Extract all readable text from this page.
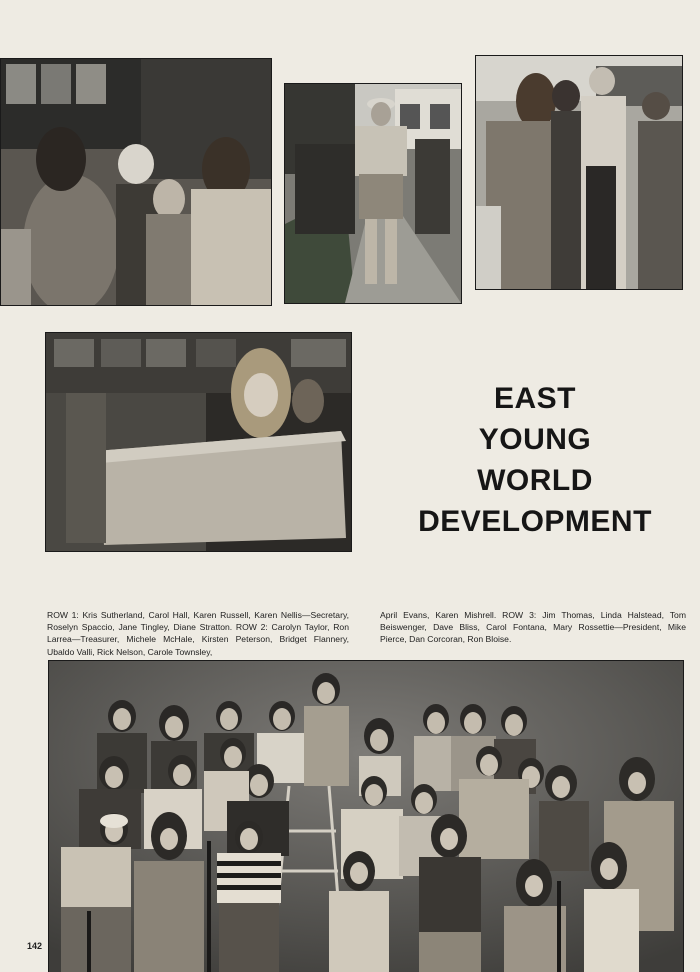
EAST
YOUNG
WORLD
DEVELOPMENT
ROW 1: Kris Sutherland, Carol Hall, Karen Russell, Karen Nellis—Secretary, Roselyn Spaccio, Jane Tingley, Diane Stratton. ROW 2: Carolyn Taylor, Ron Larrea—Treasurer, Michele McHale, Kirsten Peterson, Bridget Flannery, Ubaldo Valli, Rick Nelson, Carole Townsley,
April Evans, Karen Mishrell. ROW 3: Jim Thomas, Linda Halstead, Tom Beiswenger, Dave Bliss, Carol Fontana, Mary Rossettie—President, Mike Pierce, Dan Corcoran, Ron Bloise.
142
